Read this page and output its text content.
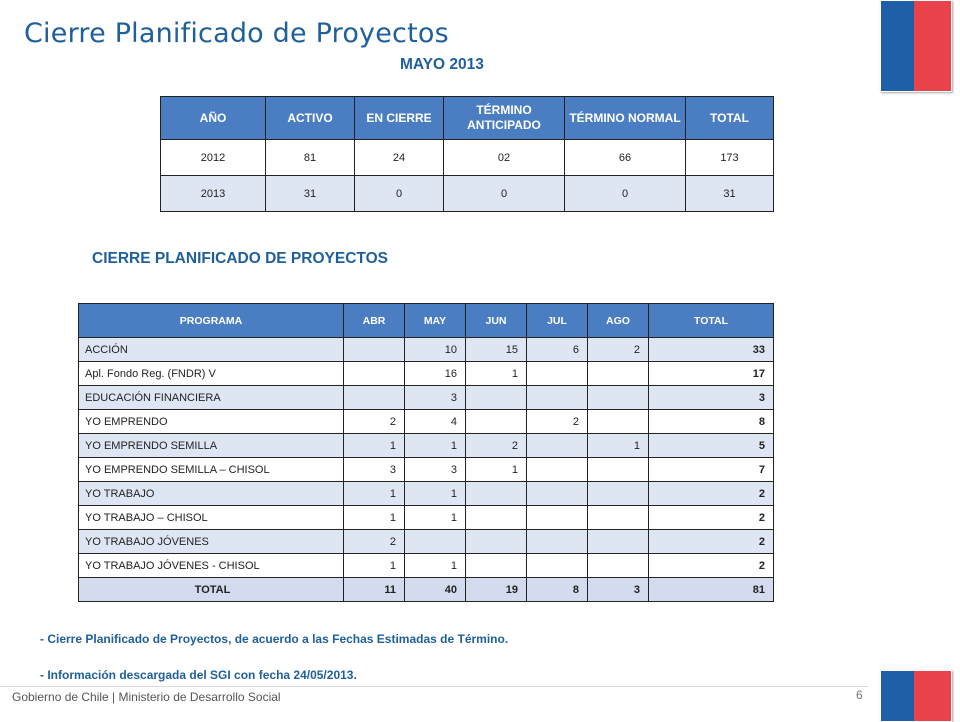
Cierre Planificado de Proyectos
MAYO 2013
AÑO	ACTIVO	EN CIERRE	TÉRMINO ANTICIPADO	TÉRMINO NORMAL	TOTAL
2012	81	24	02	66	173
2013	31	0	0	0	31
CIERRE PLANIFICADO DE PROYECTOS
PROGRAMA	ABR	MAY	JUN	JUL	AGO	TOTAL
ACCIÓN		10	15	6	2	33
Apl. Fondo Reg. (FNDR) V		16	1			17
EDUCACIÓN FINANCIERA		3				3
YO EMPRENDO	2	4		2		8
YO EMPRENDO SEMILLA	1	1	2		1	5
YO EMPRENDO SEMILLA – CHISOL	3	3	1			7
YO TRABAJO	1	1				2
YO TRABAJO – CHISOL	1	1				2
YO TRABAJO JÓVENES	2					2
YO TRABAJO JÓVENES - CHISOL	1	1				2
TOTAL	11	40	19	8	3	81
- Cierre Planificado de Proyectos, de acuerdo a las Fechas Estimadas de Término.
- Información descargada del SGI con fecha 24/05/2013.
Gobierno de Chile | Ministerio de Desarrollo Social	6
